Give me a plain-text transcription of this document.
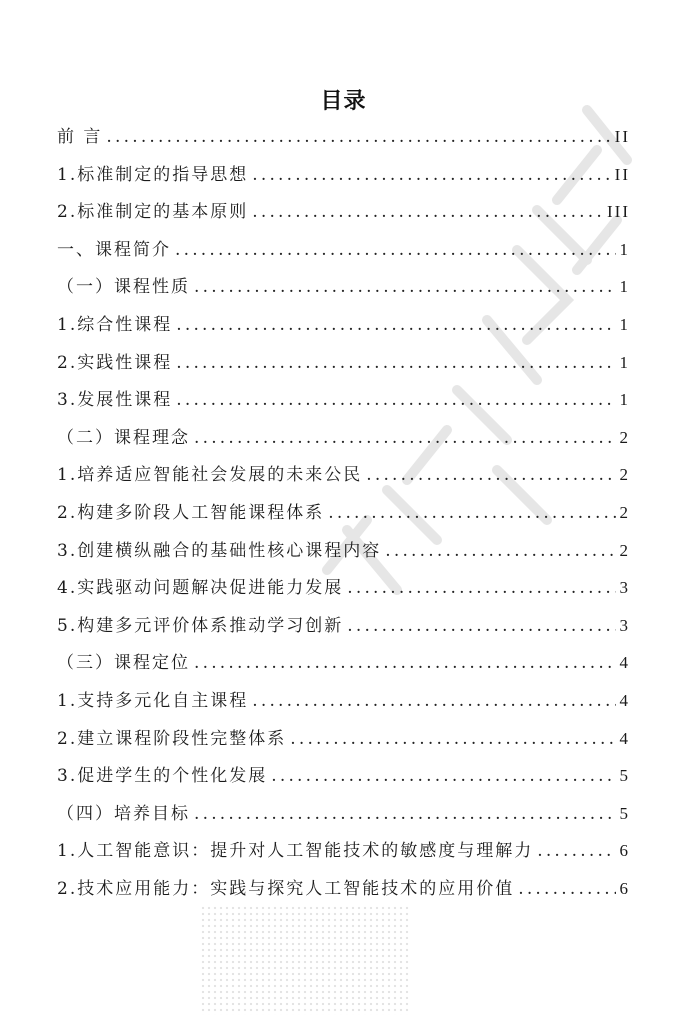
目录
前 言 .....	II
1.标准制定的指导思想 .....	II
2.标准制定的基本原则 .....	III
一、课程简介 .....	1
（一）课程性质 .....	1
1.综合性课程 .....	1
2.实践性课程 .....	1
3.发展性课程 .....	1
（二）课程理念 .....	2
1.培养适应智能社会发展的未来公民 .....	2
2.构建多阶段人工智能课程体系 .....	2
3.创建横纵融合的基础性核心课程内容 .....	2
4.实践驱动问题解决促进能力发展 .....	3
5.构建多元评价体系推动学习创新 .....	3
（三）课程定位 .....	4
1.支持多元化自主课程 .....	4
2.建立课程阶段性完整体系 .....	4
3.促进学生的个性化发展 .....	5
（四）培养目标 .....	5
1.人工智能意识：提升对人工智能技术的敏感度与理解力 .....	6
2.技术应用能力：实践与探究人工智能技术的应用价值 .....	6
